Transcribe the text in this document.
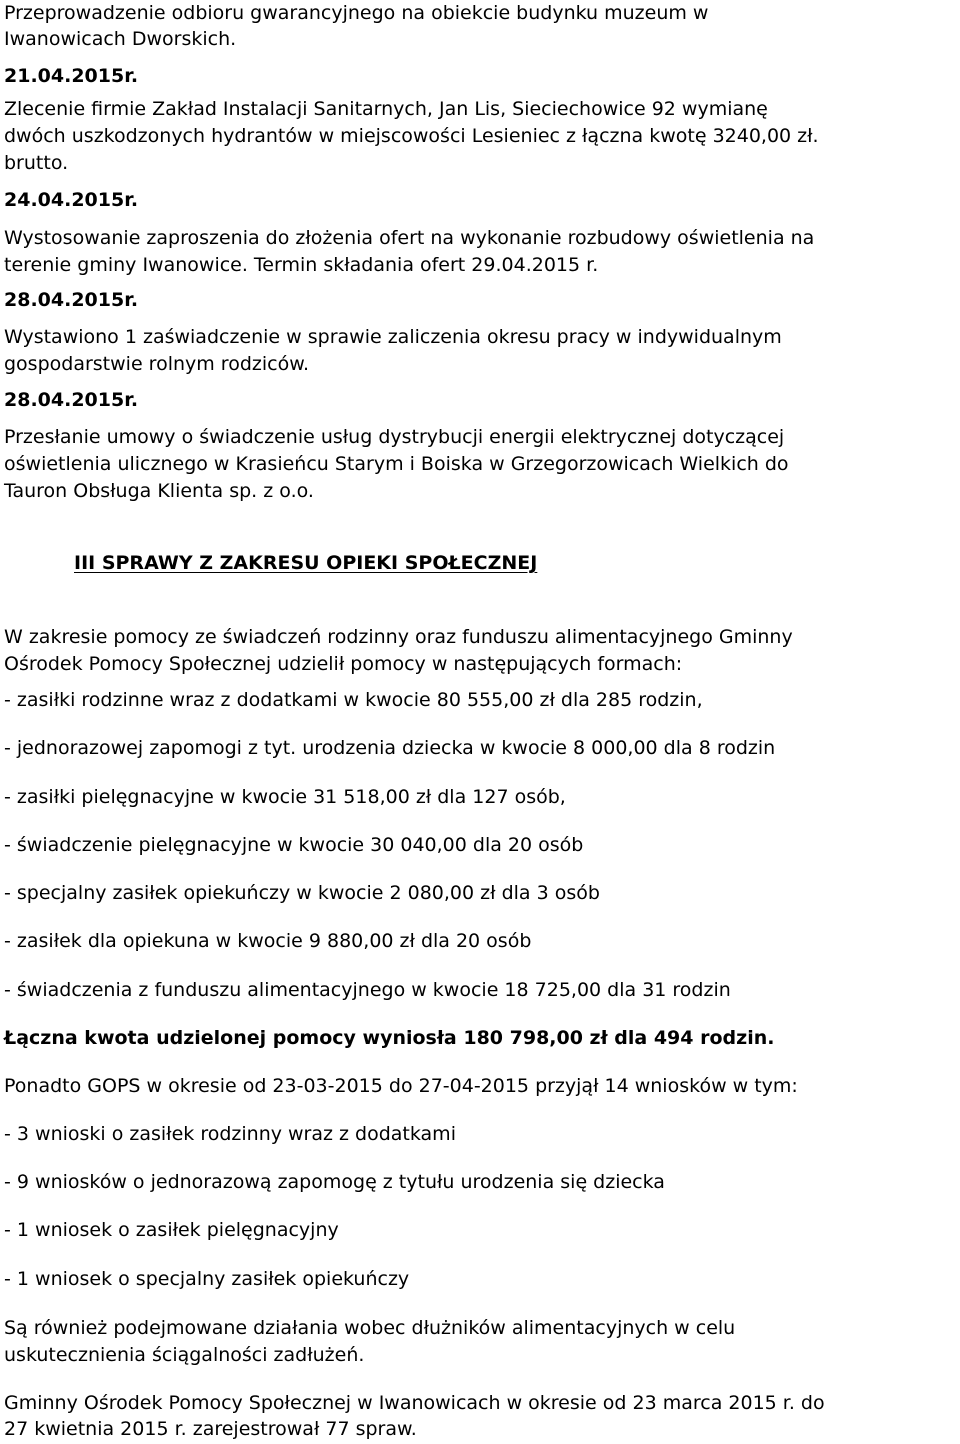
Przeprowadzenie odbioru gwarancyjnego na obiekcie budynku muzeum w
Iwanowicach Dworskich.
21.04.2015r.
Zlecenie firmie Zakład Instalacji Sanitarnych, Jan Lis, Sieciechowice 92 wymianę
dwóch uszkodzonych hydrantów w miejscowości Lesieniec z łączna kwotę 3240,00 zł.
brutto.
24.04.2015r.
Wystosowanie zaproszenia do złożenia ofert na wykonanie rozbudowy oświetlenia na
terenie gminy Iwanowice. Termin składania ofert 29.04.2015 r.
28.04.2015r.
Wystawiono 1 zaświadczenie w sprawie zaliczenia okresu pracy w indywidualnym
gospodarstwie rolnym rodziców.
28.04.2015r.
Przesłanie umowy o świadczenie usług dystrybucji energii elektrycznej dotyczącej
oświetlenia ulicznego w Krasieńcu Starym i Boiska w Grzegorzowicach Wielkich do
Tauron Obsługa Klienta sp. z o.o.
III SPRAWY Z ZAKRESU OPIEKI SPOŁECZNEJ
W zakresie pomocy ze świadczeń rodzinny oraz funduszu alimentacyjnego Gminny
Ośrodek Pomocy Społecznej udzielił pomocy w następujących formach:
- zasiłki rodzinne wraz z dodatkami w kwocie 80 555,00 zł dla 285 rodzin,
- jednorazowej zapomogi z tyt. urodzenia dziecka w kwocie 8 000,00 dla 8 rodzin
- zasiłki pielęgnacyjne w kwocie 31 518,00 zł dla 127 osób,
- świadczenie pielęgnacyjne w kwocie 30 040,00 dla 20 osób
- specjalny zasiłek opiekuńczy w kwocie 2 080,00 zł dla 3 osób
- zasiłek dla opiekuna w kwocie 9 880,00 zł dla 20 osób
- świadczenia z funduszu alimentacyjnego w kwocie 18 725,00 dla 31 rodzin
Łączna kwota udzielonej pomocy wyniosła 180 798,00 zł dla 494 rodzin.
Ponadto GOPS w okresie od 23-03-2015 do 27-04-2015 przyjął 14 wniosków w tym:
- 3 wnioski o zasiłek rodzinny wraz z dodatkami
- 9 wniosków o jednorazową zapomogę z tytułu urodzenia się dziecka
- 1 wniosek o zasiłek pielęgnacyjny
- 1 wniosek o specjalny zasiłek opiekuńczy
Są również podejmowane działania wobec dłużników alimentacyjnych w celu
uskutecznienia ściągalności zadłużeń.
Gminny Ośrodek Pomocy Społecznej w Iwanowicach w okresie od 23 marca 2015 r. do
27 kwietnia 2015 r. zarejestrował 77 spraw.
